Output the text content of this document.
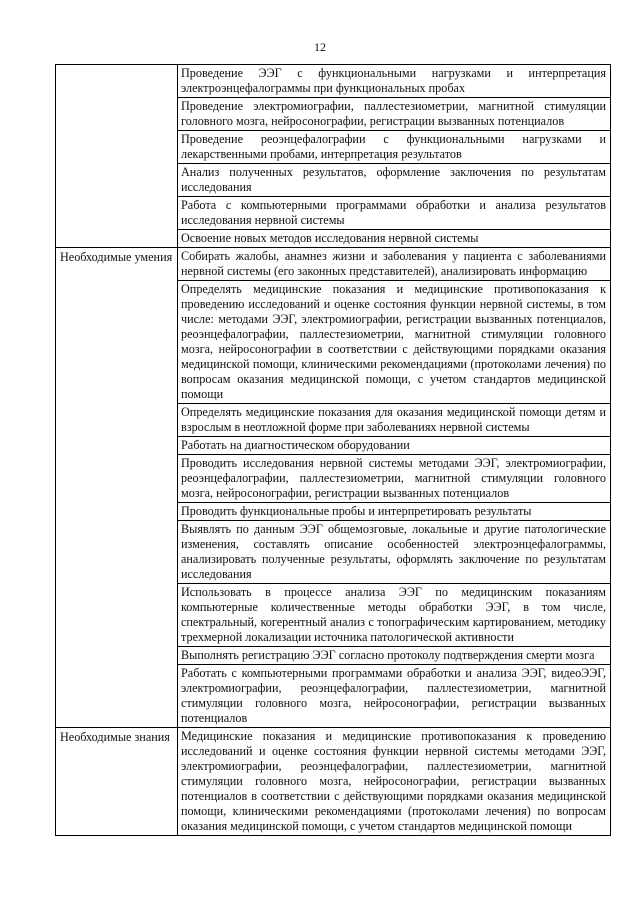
12
	Проведение ЭЭГ с функциональными нагрузками и интерпретация электроэнцефалограммы при функциональных пробах
	Проведение электромиографии, паллестезиометрии, магнитной стимуляции головного мозга, нейросонографии, регистрации вызванных потенциалов
	Проведение реоэнцефалографии с функциональными нагрузками и лекарственными пробами, интерпретация результатов
	Анализ полученных результатов, оформление заключения по результатам исследования
	Работа с компьютерными программами обработки и анализа результатов исследования нервной системы
	Освоение новых методов исследования нервной системы
Необходимые умения	Собирать жалобы, анамнез жизни и заболевания у пациента с заболеваниями нервной системы (его законных представителей), анализировать информацию
	Определять медицинские показания и медицинские противопоказания к проведению исследований и оценке состояния функции нервной системы, в том числе: методами ЭЭГ, электромиографии, регистрации вызванных потенциалов, реоэнцефалографии, паллестезиометрии, магнитной стимуляции головного мозга, нейросонографии в соответствии с действующими порядками оказания медицинской помощи, клиническими рекомендациями (протоколами лечения) по вопросам оказания медицинской помощи, с учетом стандартов медицинской помощи
	Определять медицинские показания для оказания медицинской помощи детям и взрослым в неотложной форме при заболеваниях нервной системы
	Работать на диагностическом оборудовании
	Проводить исследования нервной системы методами ЭЭГ, электромиографии, реоэнцефалографии, паллестезиометрии, магнитной стимуляции головного мозга, нейросонографии, регистрации вызванных потенциалов
	Проводить функциональные пробы и интерпретировать результаты
	Выявлять по данным ЭЭГ общемозговые, локальные и другие патологические изменения, составлять описание особенностей электроэнцефалограммы, анализировать полученные результаты, оформлять заключение по результатам исследования
	Использовать в процессе анализа ЭЭГ по медицинским показаниям компьютерные количественные методы обработки ЭЭГ, в том числе, спектральный, когерентный анализ с топографическим картированием, методику трехмерной локализации источника патологической активности
	Выполнять регистрацию ЭЭГ согласно протоколу подтверждения смерти мозга
	Работать с компьютерными программами обработки и анализа ЭЭГ, видеоЭЭГ, электромиографии, реоэнцефалографии, паллестезиометрии, магнитной стимуляции головного мозга, нейросонографии, регистрации вызванных потенциалов
Необходимые знания	Медицинские показания и медицинские противопоказания к проведению исследований и оценке состояния функции нервной системы методами ЭЭГ, электромиографии, реоэнцефалографии, паллестезиометрии, магнитной стимуляции головного мозга, нейросонографии, регистрации вызванных потенциалов в соответствии с действующими порядками оказания медицинской помощи, клиническими рекомендациями (протоколами лечения) по вопросам оказания медицинской помощи, с учетом стандартов медицинской помощи
